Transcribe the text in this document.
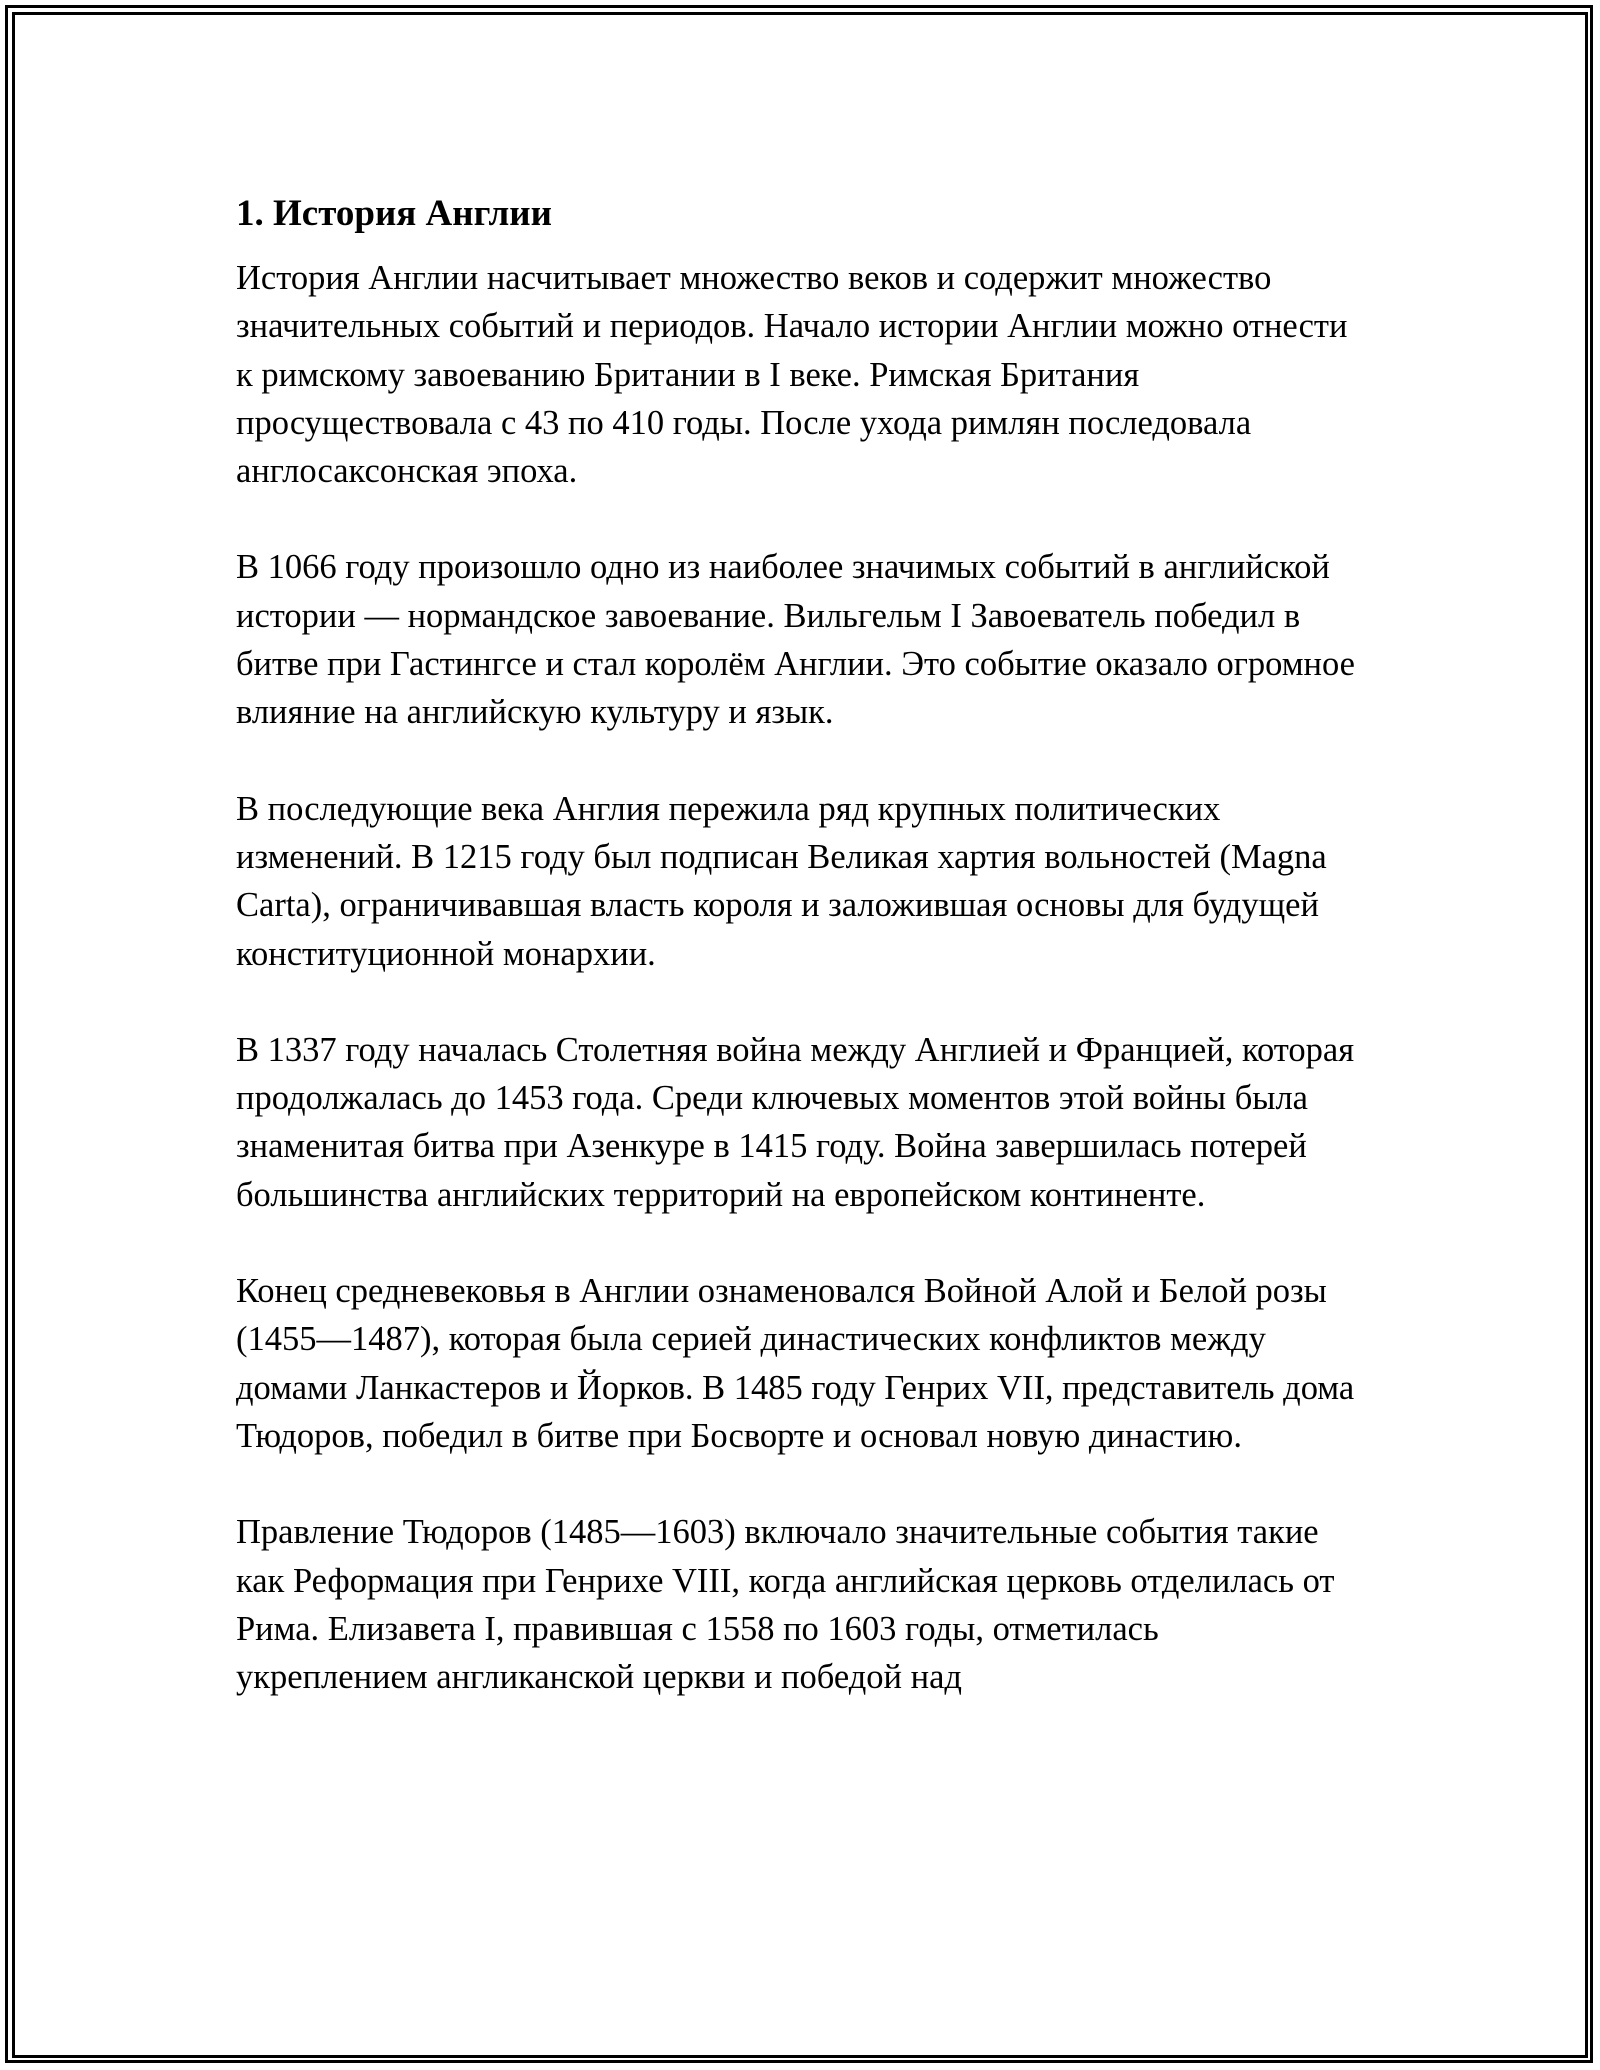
1. История Англии

История Англии насчитывает множество веков и содержит множество значительных событий и периодов. Начало истории Англии можно отнести к римскому завоеванию Британии в I веке. Римская Британия просуществовала с 43 по 410 годы. После ухода римлян последовала англосаксонская эпоха.

В 1066 году произошло одно из наиболее значимых событий в английской истории — нормандское завоевание. Вильгельм I Завоеватель победил в битве при Гастингсе и стал королём Англии. Это событие оказало огромное влияние на английскую культуру и язык.

В последующие века Англия пережила ряд крупных политических изменений. В 1215 году был подписан Великая хартия вольностей (Magna Carta), ограничивавшая власть короля и заложившая основы для будущей конституционной монархии.

В 1337 году началась Столетняя война между Англией и Францией, которая продолжалась до 1453 года. Среди ключевых моментов этой войны была знаменитая битва при Азенкуре в 1415 году. Война завершилась потерей большинства английских территорий на европейском континенте.

Конец средневековья в Англии ознаменовался Войной Алой и Белой розы (1455—1487), которая была серией династических конфликтов между домами Ланкастеров и Йорков. В 1485 году Генрих VII, представитель дома Тюдоров, победил в битве при Босворте и основал новую династию.

Правление Тюдоров (1485—1603) включало значительные события такие как Реформация при Генрихе VIII, когда английская церковь отделилась от Рима. Елизавета I, правившая с 1558 по 1603 годы, отметилась укреплением англиканской церкви и победой над
